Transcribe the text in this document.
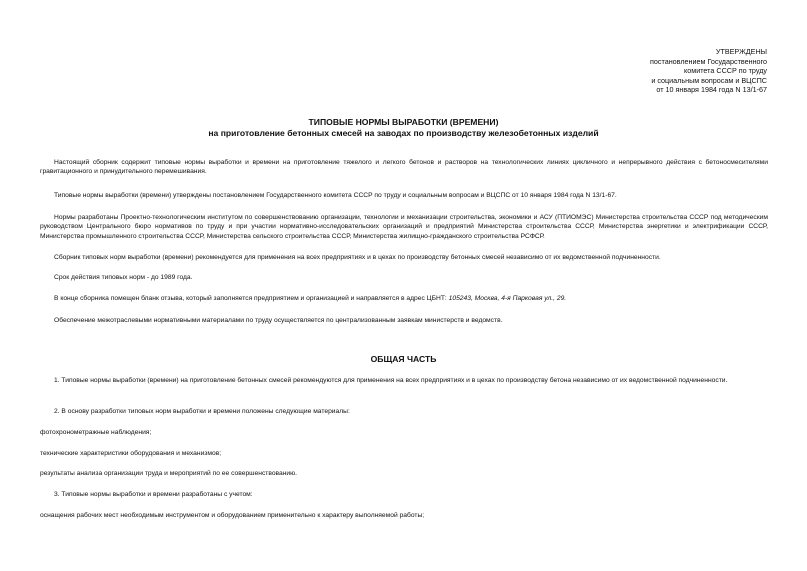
УТВЕРЖДЕНЫ
постановлением Государственного
комитета СССР по труду
и социальным вопросам и ВЦСПС
от 10 января 1984 года N 13/1-67
ТИПОВЫЕ НОРМЫ ВЫРАБОТКИ (ВРЕМЕНИ)
на приготовление бетонных смесей на заводах по производству железобетонных изделий
Настоящий сборник содержит типовые нормы выработки и времени на приготовление тяжелого и легкого бетонов и растворов на технологических линиях цикличного и непрерывного действия с бетоносмесителями гравитационного и принудительного перемешивания.
Типовые нормы выработки (времени) утверждены постановлением Государственного комитета СССР по труду и социальным вопросам и ВЦСПС от 10 января 1984 года N 13/1-67.
Нормы разработаны Проектно-технологическим институтом по совершенствованию организации, технологии и механизации строительства, экономики и АСУ (ПТИОМЭС) Министерства строительства СССР под методическим руководством Центрального бюро нормативов по труду и при участии нормативно-исследовательских организаций и предприятий Министерства строительства СССР, Министерства энергетики и электрификации СССР, Министерства промышленного строительства СССР, Министерства сельского строительства СССР, Министерства жилищно-гражданского строительства РСФСР.
Сборник типовых норм выработки (времени) рекомендуется для применения на всех предприятиях и в цехах по производству бетонных смесей независимо от их ведомственной подчиненности.
Срок действия типовых норм - до 1989 года.
В конце сборника помещен бланк отзыва, который заполняется предприятием и организацией и направляется в адрес ЦБНТ: 105243, Москва, 4-я Парковая ул., 29.
Обеспечение межотраслевыми нормативными материалами по труду осуществляется по централизованным заявкам министерств и ведомств.
ОБЩАЯ ЧАСТЬ
1. Типовые нормы выработки (времени) на приготовление бетонных смесей рекомендуются для применения на всех предприятиях и в цехах по производству бетона независимо от их ведомственной подчиненности.
2. В основу разработки типовых норм выработки и времени положены следующие материалы:
фотохронометражные наблюдения;
технические характеристики оборудования и механизмов;
результаты анализа организации труда и мероприятий по ее совершенствованию.
3. Типовые нормы выработки и времени разработаны с учетом:
оснащения рабочих мест необходимым инструментом и оборудованием применительно к характеру выполняемой работы;
